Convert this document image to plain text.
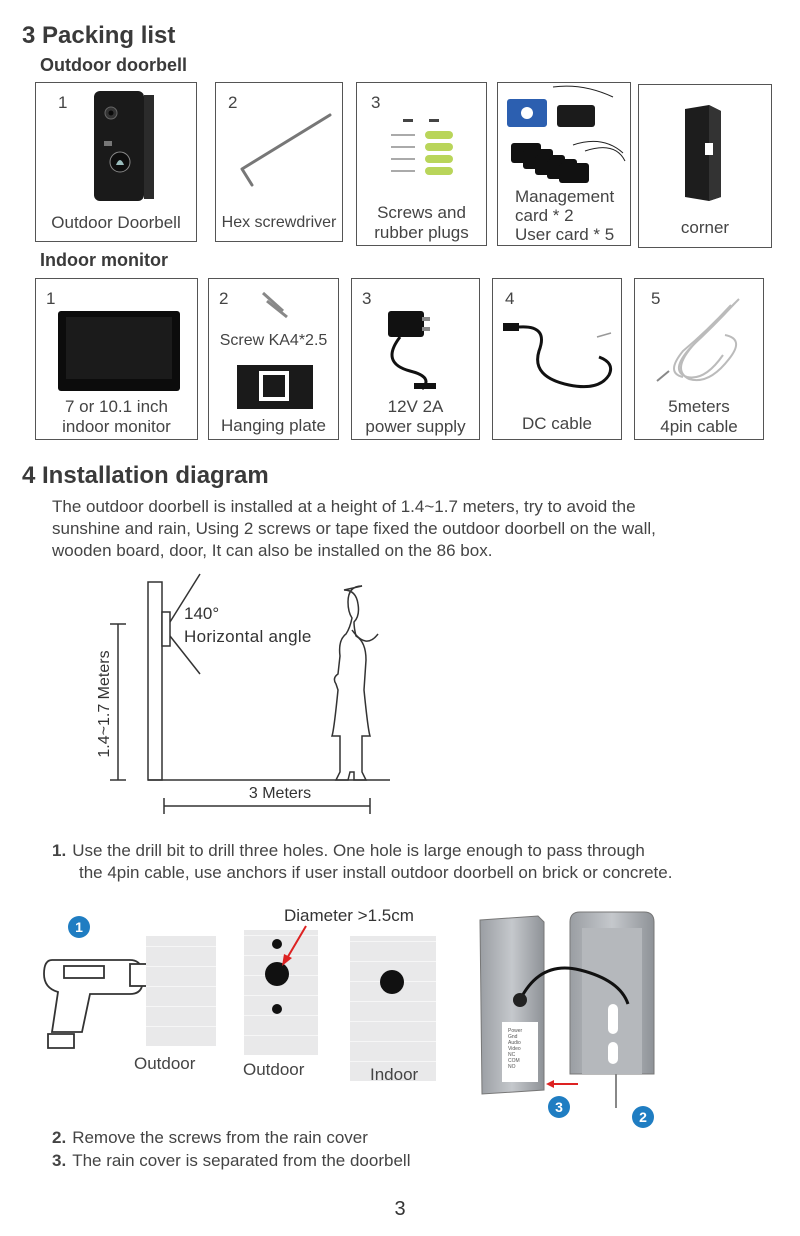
3 Packing list
Outdoor doorbell
1
Outdoor Doorbell
2
Hex screwdriver
3
Screws and
rubber plugs
Management
card * 2
User card * 5	corner
Indoor monitor
1
7 or 10.1 inch
indoor monitor
2
Screw KA4*2.5
Hanging plate
3
12V 2A
power supply
4
DC cable
5
5meters
4pin cable
4 Installation diagram
The outdoor doorbell is installed at a height of 1.4~1.7 meters, try to avoid the
sunshine and rain, Using 2 screws or tape fixed the outdoor doorbell on the wall,
wooden board, door, It can also be installed on the 86 box.
140°
Horizontal angle
1.4~1.7 Meters
3 Meters
1. Use the drill bit to drill three holes. One hole is large enough to pass through
the 4pin cable, use anchors if user install outdoor doorbell on brick or concrete.
1
Diameter >1.5cm
Outdoor	Outdoor	Indoor
Power
Gnd
Audio
Video
NC
COM
NO
3
2
2. Remove the screws from the rain cover
3. The rain cover is separated from the doorbell
3
